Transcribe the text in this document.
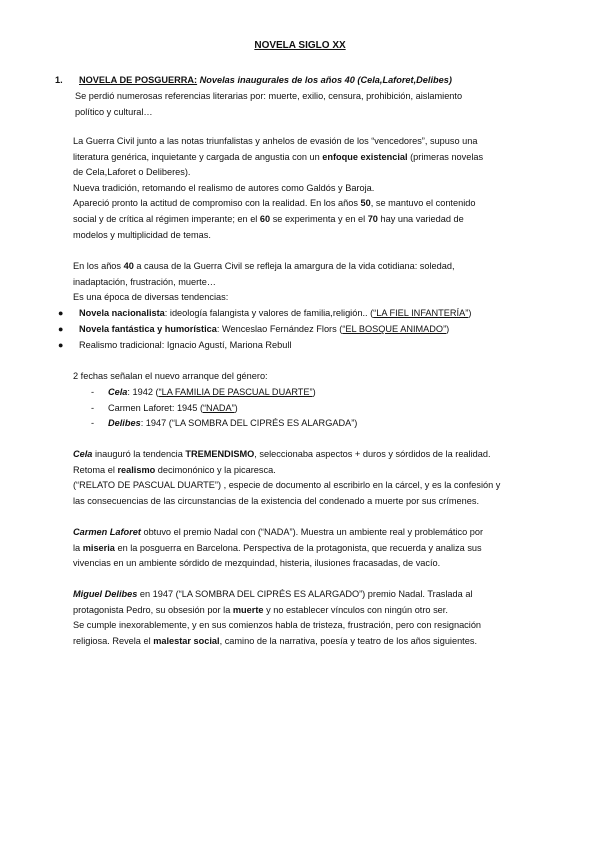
NOVELA SIGLO XX
1. NOVELA DE POSGUERRA: Novelas inaugurales de los años 40 (Cela,Laforet,Delibes)
Se perdió numerosas referencias literarias por: muerte, exilio, censura, prohibición, aislamiento
político y cultural…
La Guerra Civil junto a las notas triunfalistas y anhelos de evasión de los “vencedores”, supuso una
literatura genérica, inquietante y cargada de angustia con un enfoque existencial (primeras novelas
de Cela,Laforet o Deliberes).
Nueva tradición, retomando el realismo de autores como Galdós y Baroja.
Apareció pronto la actitud de compromiso con la realidad. En los años 50, se mantuvo el contenido
social y de crítica al régimen imperante; en el 60 se experimenta y en el 70 hay una variedad de
modelos y multiplicidad de temas.
En los años 40 a causa de la Guerra Civil se refleja la amargura de la vida cotidiana: soledad,
inadaptación, frustración, muerte…
Es una época de diversas tendencias:
● Novela nacionalista: ideología falangista y valores de familia,religión.. (“LA FIEL INFANTERÍA”)
● Novela fantástica y humorística: Wenceslao Fernández Flors (“EL BOSQUE ANIMADO”)
● Realismo tradicional: Ignacio Agustí, Mariona Rebull
2 fechas señalan el nuevo arranque del género:
- Cela: 1942 (“LA FAMILIA DE PASCUAL DUARTE”)
- Carmen Laforet: 1945 (“NADA”)
- Delibes: 1947 (“LA SOMBRA DEL CIPRÉS ES ALARGADA”)
Cela inauguró la tendencia TREMENDISMO, seleccionaba aspectos + duros y sórdidos de la realidad.
Retoma el realismo decimonónico y la picaresca.
(“RELATO DE PASCUAL DUARTE”) , especie de documento al escribirlo en la cárcel, y es la confesión y
las consecuencias de las circunstancias de la existencia del condenado a muerte por sus crímenes.
Carmen Laforet obtuvo el premio Nadal con (“NADA”). Muestra un ambiente real y problemático por
la miseria en la posguerra en Barcelona. Perspectiva de la protagonista, que recuerda y analiza sus
vivencias en un ambiente sórdido de mezquindad, histeria, ilusiones fracasadas, de vacío.
Miguel Delibes en 1947 (“LA SOMBRA DEL CIPRÉS ES ALARGADO”) premio Nadal. Traslada al
protagonista Pedro, su obsesión por la muerte y no establecer vínculos con ningún otro ser.
Se cumple inexorablemente, y en sus comienzos habla de tristeza, frustración, pero con resignación
religiosa. Revela el malestar social, camino de la narrativa, poesía y teatro de los años siguientes.
